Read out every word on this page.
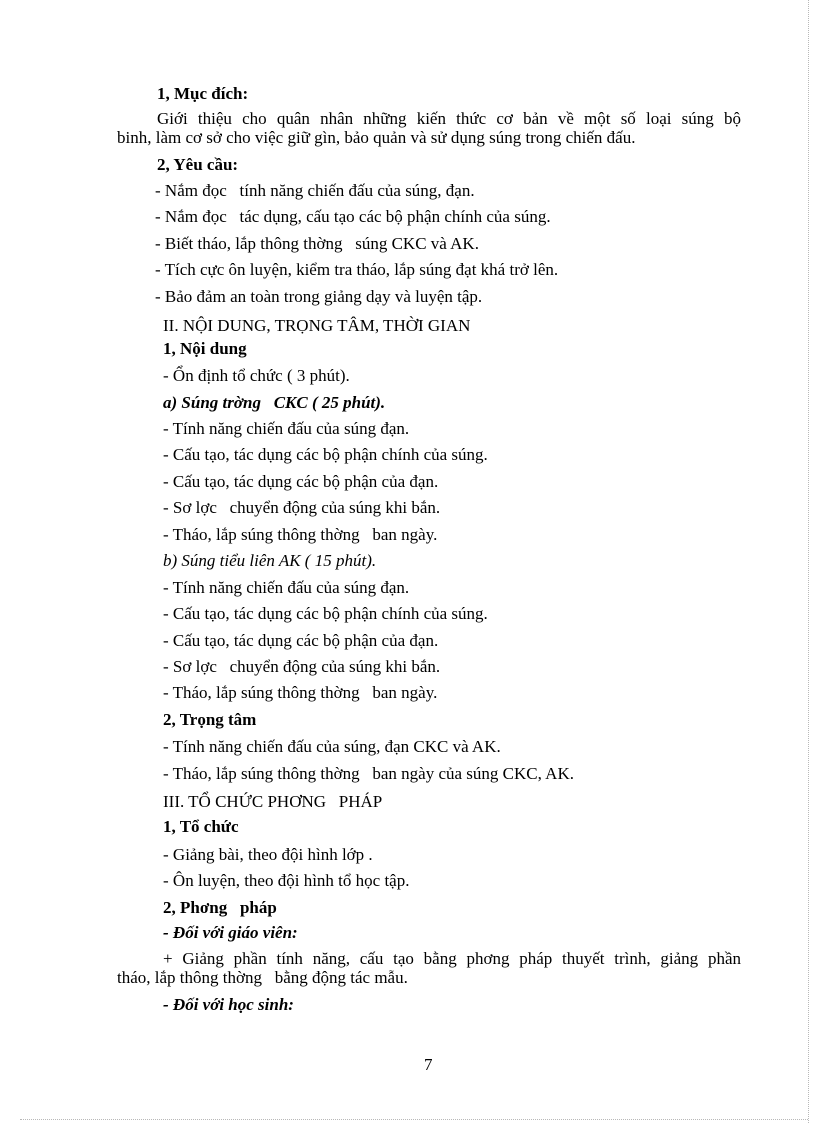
1, Mục đích:
Giới thiệu cho quân nhân những kiến thức cơ bản về một số loại súng bộ
binh, làm cơ sở cho việc giữ gìn, bảo quản và sử dụng súng trong chiến đấu.
2, Yêu cầu:
- Nắm đọc   tính năng chiến đấu của súng, đạn.
- Nắm đọc   tác dụng, cấu tạo các bộ phận chính của súng.
- Biết tháo, lắp thông thờng   súng CKC và AK.
- Tích cực ôn luyện, kiểm tra tháo, lắp súng đạt khá trở lên.
- Bảo đảm an toàn trong giảng dạy và luyện tập.
II. NỘI DUNG, TRỌNG TÂM, THỜI GIAN
1, Nội dung
- Ổn định tổ chức ( 3 phút).
a) Súng trờng   CKC ( 25 phút).
- Tính năng chiến đấu của súng đạn.
- Cấu tạo, tác dụng các bộ phận chính của súng.
- Cấu tạo, tác dụng các bộ phận của đạn.
- Sơ lợc   chuyển động của súng khi bắn.
- Tháo, lắp súng thông thờng   ban ngày.
b) Súng tiểu liên AK ( 15 phút).
- Tính năng chiến đấu của súng đạn.
- Cấu tạo, tác dụng các bộ phận chính của súng.
- Cấu tạo, tác dụng các bộ phận của đạn.
- Sơ lợc   chuyển động của súng khi bắn.
- Tháo, lắp súng thông thờng   ban ngày.
2, Trọng tâm
- Tính năng chiến đấu của súng, đạn CKC và AK.
- Tháo, lắp súng thông thờng   ban ngày của súng CKC, AK.
III. TỔ CHỨC PHƠNG   PHÁP
1, Tổ chức
- Giảng bài, theo đội hình lớp .
- Ôn luyện, theo đội hình tổ học tập.
2, Phơng   pháp
- Đối với giáo viên:
+ Giảng phần tính năng, cấu tạo bằng phơng pháp thuyết trình, giảng phần
tháo, lắp thông thờng   bằng động tác mẫu.
- Đối với học sinh:
7
